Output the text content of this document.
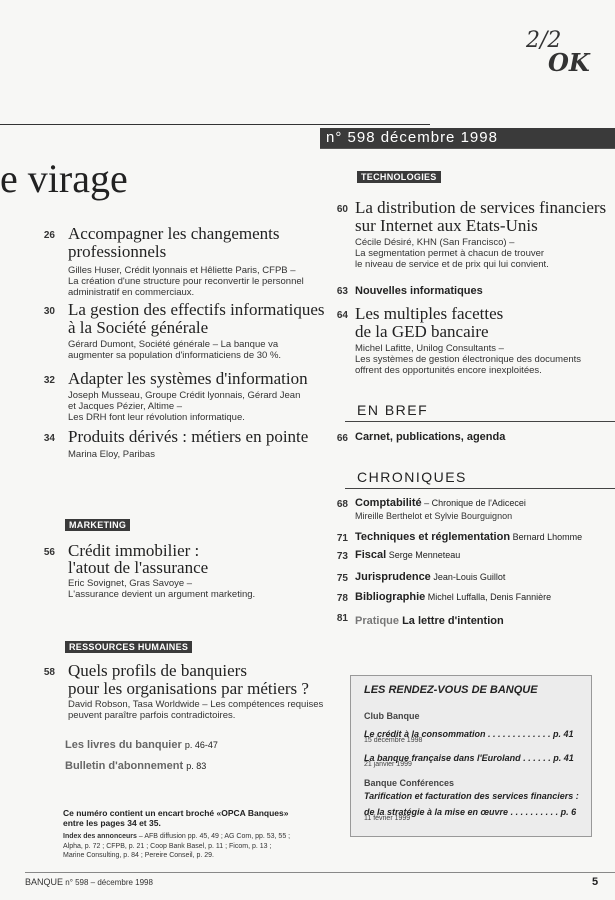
2/2
OK
n° 598 décembre 1998
e virage
26 Accompagner les changements
professionnels
Gilles Huser, Crédit lyonnais et Hêliette Paris, CFPB –
La création d'une structure pour reconvertir le personnel
administratif en commerciaux.
30 La gestion des effectifs informatiques
à la Société générale
Gérard Dumont, Société générale – La banque va
augmenter sa population d'informaticiens de 30 %.
32 Adapter les systèmes d'information
Joseph Musseau, Groupe Crédit lyonnais, Gérard Jean
et Jacques Pézier, Altime –
Les DRH font leur révolution informatique.
34 Produits dérivés : métiers en pointe
Marina Eloy, Paribas
MARKETING
56 Crédit immobilier :
l'atout de l'assurance
Eric Sovignet, Gras Savoye –
L'assurance devient un argument marketing.
RESSOURCES HUMAINES
58 Quels profils de banquiers
pour les organisations par métiers ?
David Robson, Tasa Worldwide – Les compétences requises
peuvent paraître parfois contradictoires.
Les livres du banquier p. 46-47
Bulletin d'abonnement p. 83
Ce numéro contient un encart broché «OPCA Banques»
entre les pages 34 et 35.
Index des annonceurs – AFB diffusion pp. 45, 49 ; AG Com, pp. 53, 55 ;
Alpha, p. 72 ; CFPB, p. 21 ; Coop Bank Basel, p. 11 ; Ficom, p. 13 ;
Marine Consulting, p. 84 ; Pereire Conseil, p. 29.
TECHNOLOGIES
60 La distribution de services financiers
sur Internet aux Etats-Unis
Cécile Désiré, KHN (San Francisco) –
La segmentation permet à chacun de trouver
le niveau de service et de prix qui lui convient.
63 Nouvelles informatiques
64 Les multiples facettes
de la GED bancaire
Michel Lafitte, Unilog Consultants –
Les systèmes de gestion électronique des documents
offrent des opportunités encore inexploitées.
EN BREF
66 Carnet, publications, agenda
CHRONIQUES
68 Comptabilité – Chronique de l'Adicecei
Mireille Berthelot et Sylvie Bourguignon
71 Techniques et réglementation Bernard Lhomme
73 Fiscal Serge Menneteau
75 Jurisprudence Jean-Louis Guillot
78 Bibliographie Michel Luffalla, Denis Fannière
81 Pratique La lettre d'intention
LES RENDEZ-VOUS DE BANQUE
Club Banque
Le crédit à la consommation . . . . . . . . . . . . . p. 41
15 décembre 1998
La banque française dans l'Euroland . . . . . . p. 41
21 janvier 1999
Banque Conférences
Tarification et facturation des services financiers :
de la stratégie à la mise en œuvre . . . . . . . . . . p. 6
11 février 1999
BANQUE n° 598 – décembre 1998	5
